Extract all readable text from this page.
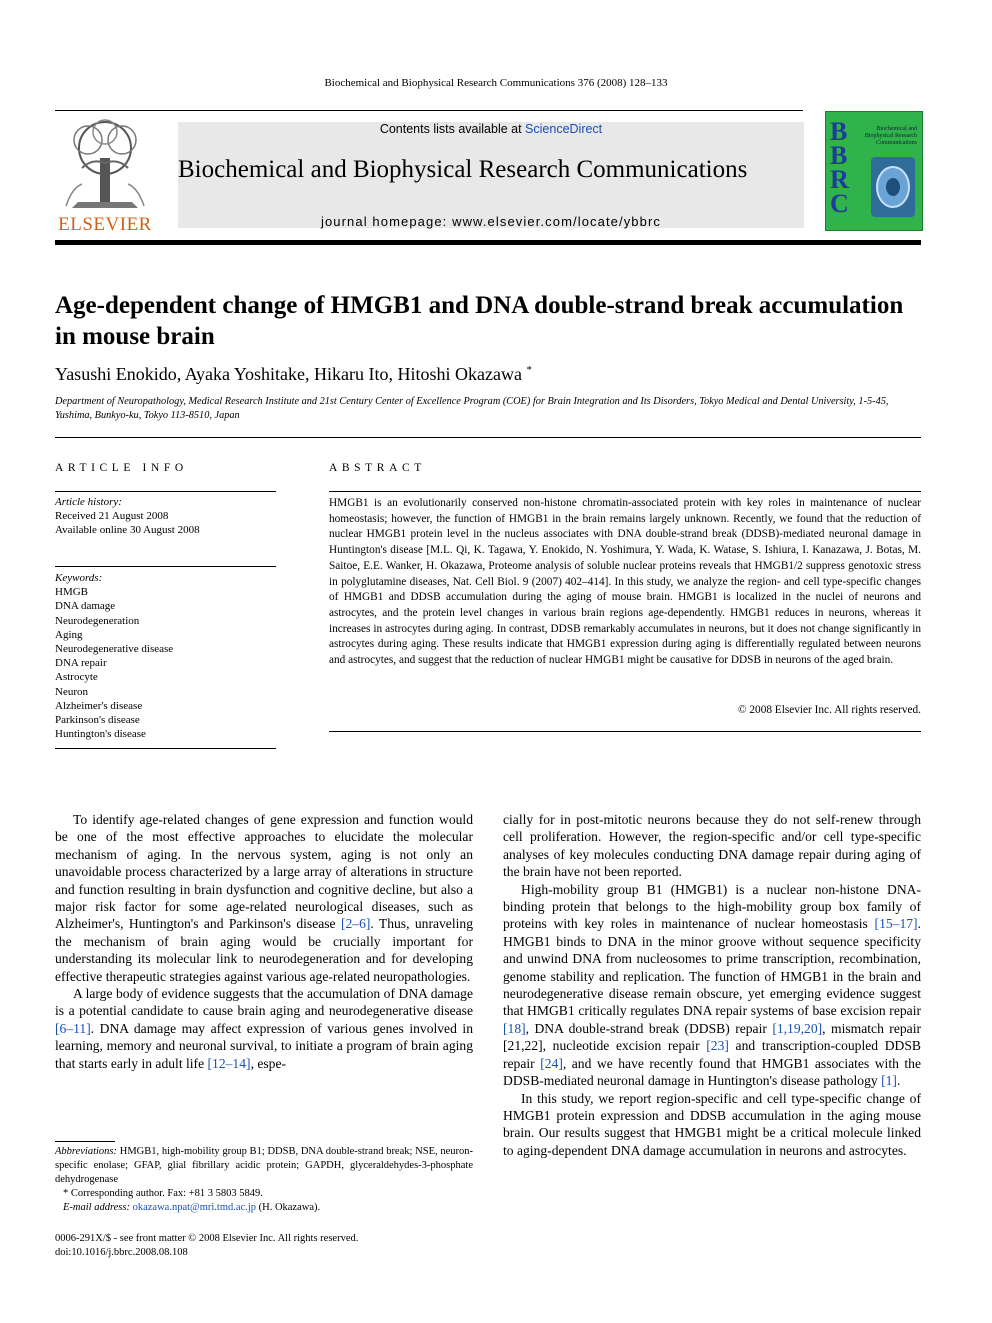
Biochemical and Biophysical Research Communications 376 (2008) 128–133
ELSEVIER
Contents lists available at ScienceDirect
Biochemical and Biophysical Research Communications
journal homepage: www.elsevier.com/locate/ybbrc
BBRC
Biochemical and Biophysical Research Communications
Age-dependent change of HMGB1 and DNA double-strand break accumulation in mouse brain
Yasushi Enokido, Ayaka Yoshitake, Hikaru Ito, Hitoshi Okazawa *
Department of Neuropathology, Medical Research Institute and 21st Century Center of Excellence Program (COE) for Brain Integration and Its Disorders, Tokyo Medical and Dental University, 1-5-45, Yushima, Bunkyo-ku, Tokyo 113-8510, Japan
ARTICLE INFO
Article history:
Received 21 August 2008
Available online 30 August 2008
Keywords:
HMGB
DNA damage
Neurodegeneration
Aging
Neurodegenerative disease
DNA repair
Astrocyte
Neuron
Alzheimer's disease
Parkinson's disease
Huntington's disease
ABSTRACT
HMGB1 is an evolutionarily conserved non-histone chromatin-associated protein with key roles in maintenance of nuclear homeostasis; however, the function of HMGB1 in the brain remains largely unknown. Recently, we found that the reduction of nuclear HMGB1 protein level in the nucleus associates with DNA double-strand break (DDSB)-mediated neuronal damage in Huntington's disease [M.L. Qi, K. Tagawa, Y. Enokido, N. Yoshimura, Y. Wada, K. Watase, S. Ishiura, I. Kanazawa, J. Botas, M. Saitoe, E.E. Wanker, H. Okazawa, Proteome analysis of soluble nuclear proteins reveals that HMGB1/2 suppress genotoxic stress in polyglutamine diseases, Nat. Cell Biol. 9 (2007) 402–414]. In this study, we analyze the region- and cell type-specific changes of HMGB1 and DDSB accumulation during the aging of mouse brain. HMGB1 is localized in the nuclei of neurons and astrocytes, and the protein level changes in various brain regions age-dependently. HMGB1 reduces in neurons, whereas it increases in astrocytes during aging. In contrast, DDSB remarkably accumulates in neurons, but it does not change significantly in astrocytes during aging. These results indicate that HMGB1 expression during aging is differentially regulated between neurons and astrocytes, and suggest that the reduction of nuclear HMGB1 might be causative for DDSB in neurons of the aged brain.
© 2008 Elsevier Inc. All rights reserved.

To identify age-related changes of gene expression and function would be one of the most effective approaches to elucidate the molecular mechanism of aging. In the nervous system, aging is not only an unavoidable process characterized by a large array of alterations in structure and function resulting in brain dysfunction and cognitive decline, but also a major risk factor for some age-related neurological diseases, such as Alzheimer's, Huntington's and Parkinson's disease [2–6]. Thus, unraveling the mechanism of brain aging would be crucially important for understanding its molecular link to neurodegeneration and for developing effective therapeutic strategies against various age-related neuropathologies.

A large body of evidence suggests that the accumulation of DNA damage is a potential candidate to cause brain aging and neurodegenerative disease [6–11]. DNA damage may affect expression of various genes involved in learning, memory and neuronal survival, to initiate a program of brain aging that starts early in adult life [12–14], espe-

cially for in post-mitotic neurons because they do not self-renew through cell proliferation. However, the region-specific and/or cell type-specific analyses of key molecules conducting DNA damage repair during aging of the brain have not been reported.

High-mobility group B1 (HMGB1) is a nuclear non-histone DNA-binding protein that belongs to the high-mobility group box family of proteins with key roles in maintenance of nuclear homeostasis [15–17]. HMGB1 binds to DNA in the minor groove without sequence specificity and unwind DNA from nucleosomes to prime transcription, recombination, genome stability and replication. The function of HMGB1 in the brain and neurodegenerative disease remain obscure, yet emerging evidence suggest that HMGB1 critically regulates DNA repair systems of base excision repair [18], DNA double-strand break (DDSB) repair [1,19,20], mismatch repair [21,22], nucleotide excision repair [23] and transcription-coupled DDSB repair [24], and we have recently found that HMGB1 associates with the DDSB-mediated neuronal damage in Huntington's disease pathology [1].

In this study, we report region-specific and cell type-specific change of HMGB1 protein expression and DDSB accumulation in the aging mouse brain. Our results suggest that HMGB1 might be a critical molecule linked to aging-dependent DNA damage accumulation in neurons and astrocytes.

Abbreviations: HMGB1, high-mobility group B1; DDSB, DNA double-strand break; NSE, neuron-specific enolase; GFAP, glial fibrillary acidic protein; GAPDH, glyceraldehydes-3-phosphate dehydrogenase

* Corresponding author. Fax: +81 3 5803 5849.

E-mail address: okazawa.npat@mri.tmd.ac.jp (H. Okazawa).

0006-291X/$ - see front matter © 2008 Elsevier Inc. All rights reserved.
doi:10.1016/j.bbrc.2008.08.108
